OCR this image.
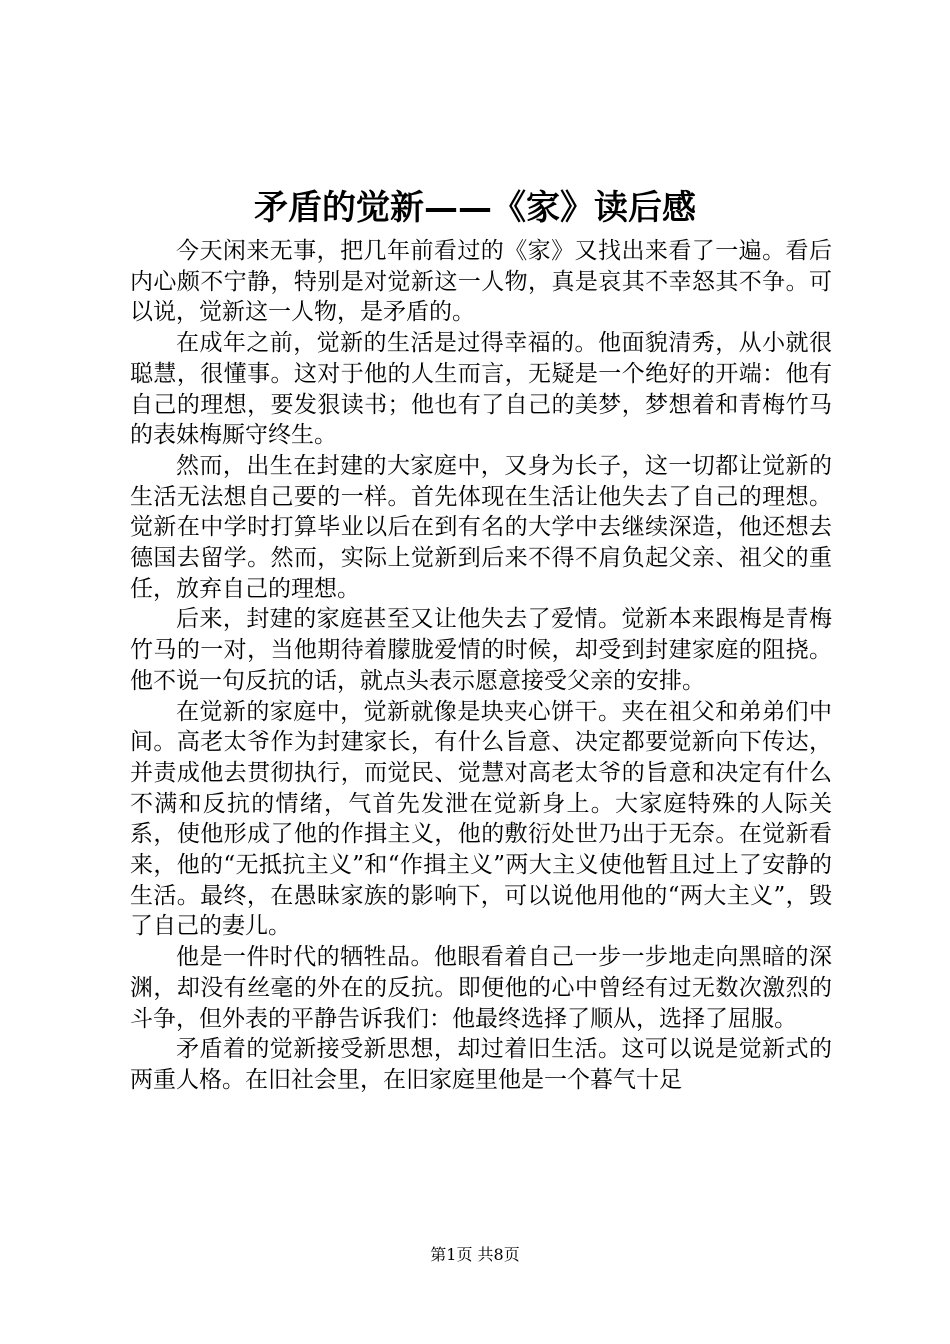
矛盾的觉新——《家》读后感

今天闲来无事，把几年前看过的《家》又找出来看了一遍。看后内心颇不宁静，特别是对觉新这一人物，真是哀其不幸怒其不争。可以说，觉新这一人物，是矛盾的。

在成年之前，觉新的生活是过得幸福的。他面貌清秀，从小就很聪慧，很懂事。这对于他的人生而言，无疑是一个绝好的开端：他有自己的理想，要发狠读书；他也有了自己的美梦，梦想着和青梅竹马的表妹梅厮守终生。

然而，出生在封建的大家庭中，又身为长子，这一切都让觉新的生活无法想自己要的一样。首先体现在生活让他失去了自己的理想。觉新在中学时打算毕业以后在到有名的大学中去继续深造，他还想去德国去留学。然而，实际上觉新到后来不得不肩负起父亲、祖父的重任，放弃自己的理想。

后来，封建的家庭甚至又让他失去了爱情。觉新本来跟梅是青梅竹马的一对，当他期待着朦胧爱情的时候，却受到封建家庭的阻挠。他不说一句反抗的话，就点头表示愿意接受父亲的安排。

在觉新的家庭中，觉新就像是块夹心饼干。夹在祖父和弟弟们中间。高老太爷作为封建家长，有什么旨意、决定都要觉新向下传达，并责成他去贯彻执行，而觉民、觉慧对高老太爷的旨意和决定有什么不满和反抗的情绪，气首先发泄在觉新身上。大家庭特殊的人际关系，使他形成了他的作揖主义，他的敷衍处世乃出于无奈。在觉新看来，他的“无抵抗主义”和“作揖主义”两大主义使他暂且过上了安静的生活。最终，在愚昧家族的影响下，可以说他用他的“两大主义”，毁了自己的妻儿。

他是一件时代的牺牲品。他眼看着自己一步一步地走向黑暗的深渊，却没有丝毫的外在的反抗。即便他的心中曾经有过无数次激烈的斗争，但外表的平静告诉我们：他最终选择了顺从，选择了屈服。

矛盾着的觉新接受新思想，却过着旧生活。这可以说是觉新式的两重人格。在旧社会里，在旧家庭里他是一个暮气十足

第1页 共8页
